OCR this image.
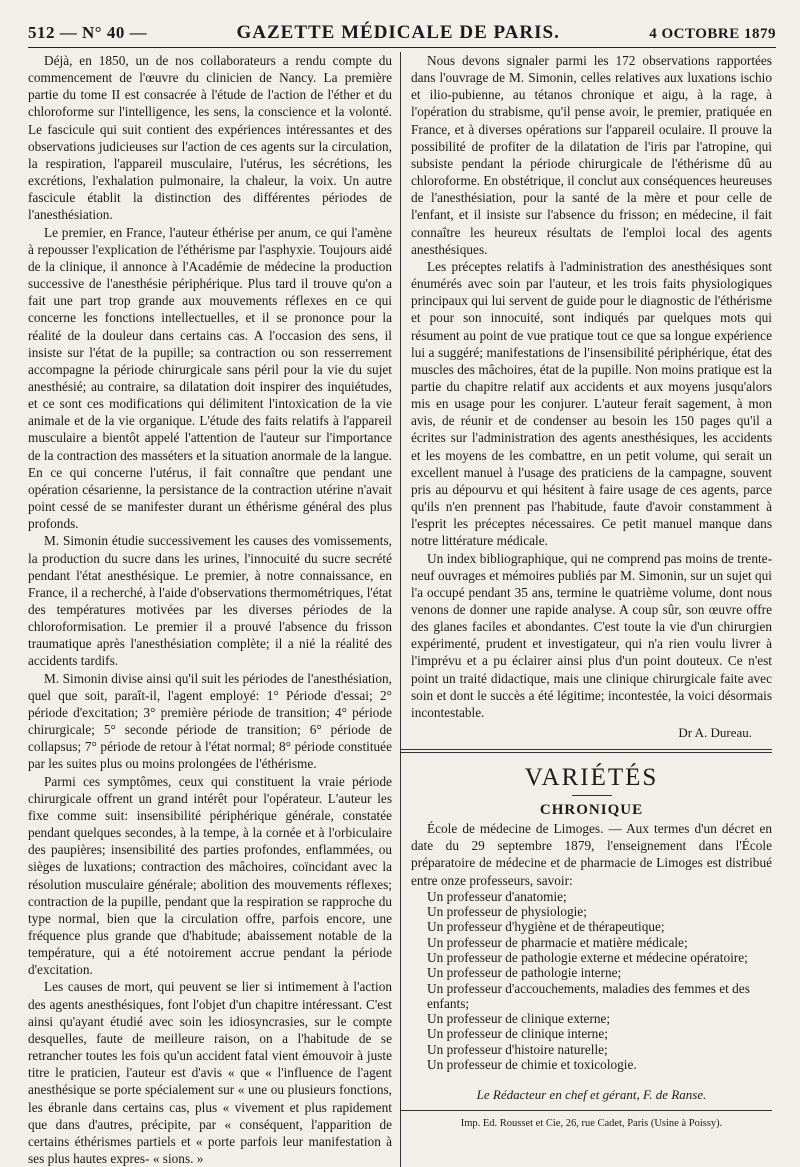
512 — N° 40 —	GAZETTE MÉDICALE DE PARIS.	4 OCTOBRE 1879

Déjà, en 1850, un de nos collaborateurs a rendu compte du commencement de l'œuvre du clinicien de Nancy. La première partie du tome II est consacrée à l'étude de l'action de l'éther et du chloroforme sur l'intelligence, les sens, la conscience et la volonté. Le fascicule qui suit contient des expériences intéressantes et des observations judicieuses sur l'action de ces agents sur la circulation, la respiration, l'appareil musculaire, l'utérus, les sécrétions, les excrétions, l'exhalation pulmonaire, la chaleur, la voix. Un autre fascicule établit la distinction des différentes périodes de l'anesthésiation.

Le premier, en France, l'auteur éthérise per anum, ce qui l'amène à repousser l'explication de l'éthérisme par l'asphyxie. Toujours aidé de la clinique, il annonce à l'Académie de médecine la production successive de l'anesthésie périphérique. Plus tard il trouve qu'on a fait une part trop grande aux mouvements réflexes en ce qui concerne les fonctions intellectuelles, et il se prononce pour la réalité de la douleur dans certains cas. A l'occasion des sens, il insiste sur l'état de la pupille; sa contraction ou son resserrement accompagne la période chirurgicale sans péril pour la vie du sujet anesthésié; au contraire, sa dilatation doit inspirer des inquiétudes, et ce sont ces modifications qui délimitent l'intoxication de la vie animale et de la vie organique. L'étude des faits relatifs à l'appareil musculaire a bientôt appelé l'attention de l'auteur sur l'importance de la contraction des masséters et la situation anormale de la langue. En ce qui concerne l'utérus, il fait connaître que pendant une opération césarienne, la persistance de la contraction utérine n'avait point cessé de se manifester durant un éthérisme général des plus profonds.

M. Simonin étudie successivement les causes des vomissements, la production du sucre dans les urines, l'innocuité du sucre secrété pendant l'état anesthésique. Le premier, à notre connaissance, en France, il a recherché, à l'aide d'observations thermométriques, l'état des températures motivées par les diverses périodes de la chloroformisation. Le premier il a prouvé l'absence du frisson traumatique après l'anesthésiation complète; il a nié la réalité des accidents tardifs.

M. Simonin divise ainsi qu'il suit les périodes de l'anesthésiation, quel que soit, paraît-il, l'agent employé: 1° Période d'essai; 2° période d'excitation; 3° première période de transition; 4° période chirurgicale; 5° seconde période de transition; 6° période de collapsus; 7° période de retour à l'état normal; 8° période constituée par les suites plus ou moins prolongées de l'éthérisme.

Parmi ces symptômes, ceux qui constituent la vraie période chirurgicale offrent un grand intérêt pour l'opérateur. L'auteur les fixe comme suit: insensibilité périphérique générale, constatée pendant quelques secondes, à la tempe, à la cornée et à l'orbiculaire des paupières; insensibilité des parties profondes, enflammées, ou sièges de luxations; contraction des mâchoires, coïncidant avec la résolution musculaire générale; abolition des mouvements réflexes; contraction de la pupille, pendant que la respiration se rapproche du type normal, bien que la circulation offre, parfois encore, une fréquence plus grande que d'habitude; abaissement notable de la température, qui a été notoirement accrue pendant la période d'excitation.

Les causes de mort, qui peuvent se lier si intimement à l'action des agents anesthésiques, font l'objet d'un chapitre intéressant. C'est ainsi qu'ayant étudié avec soin les idiosyncrasies, sur le compte desquelles, faute de meilleure raison, on a l'habitude de se retrancher toutes les fois qu'un accident fatal vient émouvoir à juste titre le praticien, l'auteur est d'avis « que « l'influence de l'agent anesthésique se porte spécialement sur « une ou plusieurs fonctions, les ébranle dans certains cas, plus « vivement et plus rapidement que dans d'autres, précipite, par « conséquent, l'apparition de certains éthérismes partiels et « porte parfois leur manifestation à ses plus hautes expres- « sions. »

Nous devons signaler parmi les 172 observations rapportées dans l'ouvrage de M. Simonin, celles relatives aux luxations ischio et ilio-pubienne, au tétanos chronique et aigu, à la rage, à l'opération du strabisme, qu'il pense avoir, le premier, pratiquée en France, et à diverses opérations sur l'appareil oculaire. Il prouve la possibilité de profiter de la dilatation de l'iris par l'atropine, qui subsiste pendant la période chirurgicale de l'éthérisme dû au chloroforme. En obstétrique, il conclut aux conséquences heureuses de l'anesthésiation, pour la santé de la mère et pour celle de l'enfant, et il insiste sur l'absence du frisson; en médecine, il fait connaître les heureux résultats de l'emploi local des agents anesthésiques.

Les préceptes relatifs à l'administration des anesthésiques sont énumérés avec soin par l'auteur, et les trois faits physiologiques principaux qui lui servent de guide pour le diagnostic de l'éthérisme et pour son innocuité, sont indiqués par quelques mots qui résument au point de vue pratique tout ce que sa longue expérience lui a suggéré; manifestations de l'insensibilité périphérique, état des muscles des mâchoires, état de la pupille. Non moins pratique est la partie du chapitre relatif aux accidents et aux moyens jusqu'alors mis en usage pour les conjurer. L'auteur ferait sagement, à mon avis, de réunir et de condenser au besoin les 150 pages qu'il a écrites sur l'administration des agents anesthésiques, les accidents et les moyens de les combattre, en un petit volume, qui serait un excellent manuel à l'usage des praticiens de la campagne, souvent pris au dépourvu et qui hésitent à faire usage de ces agents, parce qu'ils n'en prennent pas l'habitude, faute d'avoir constamment à l'esprit les préceptes nécessaires. Ce petit manuel manque dans notre littérature médicale.

Un index bibliographique, qui ne comprend pas moins de trente-neuf ouvrages et mémoires publiés par M. Simonin, sur un sujet qui l'a occupé pendant 35 ans, termine le quatrième volume, dont nous venons de donner une rapide analyse. A coup sûr, son œuvre offre des glanes faciles et abondantes. C'est toute la vie d'un chirurgien expérimenté, prudent et investigateur, qui n'a rien voulu livrer à l'imprévu et a pu éclairer ainsi plus d'un point douteux. Ce n'est point un traité didactique, mais une clinique chirurgicale faite avec soin et dont le succès a été légitime; incontestée, la voici désormais incontestable.

Dr A. Dureau.
VARIÉTÉS
CHRONIQUE

École de médecine de Limoges. — Aux termes d'un décret en date du 29 septembre 1879, l'enseignement dans l'École préparatoire de médecine et de pharmacie de Limoges est distribué entre onze professeurs, savoir:

Un professeur d'anatomie;
Un professeur de physiologie;
Un professeur d'hygiène et de thérapeutique;
Un professeur de pharmacie et matière médicale;
Un professeur de pathologie externe et médecine opératoire;
Un professeur de pathologie interne;
Un professeur d'accouchements, maladies des femmes et des enfants;
Un professeur de clinique externe;
Un professeur de clinique interne;
Un professeur d'histoire naturelle;
Un professeur de chimie et toxicologie.
Le Rédacteur en chef et gérant, F. de Ranse.
Imp. Ed. Rousset et Cie, 26, rue Cadet, Paris (Usine à Poissy).
